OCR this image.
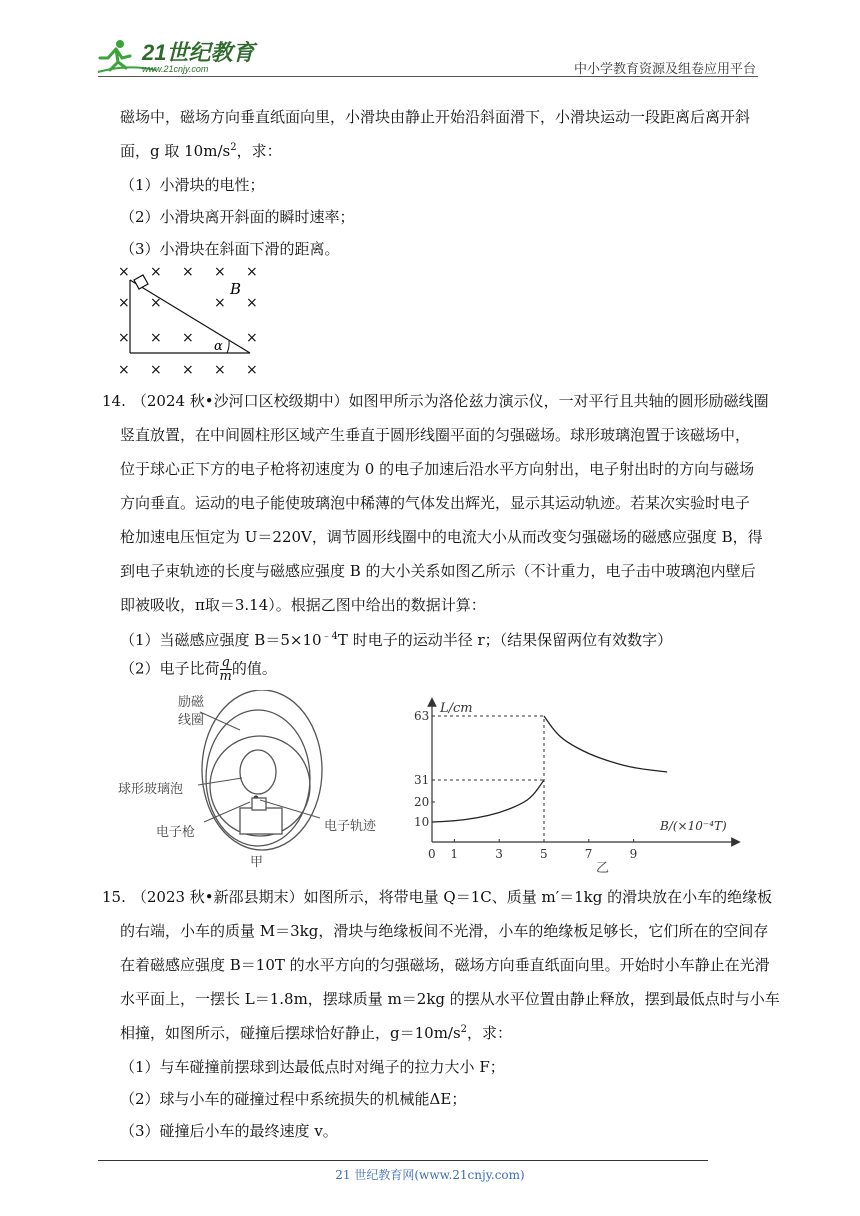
21世纪教育
www.21cnjy.com	中小学教育资源及组卷应用平台
磁场中，磁场方向垂直纸面向里，小滑块由静止开始沿斜面滑下，小滑块运动一段距离后离开斜
面，g 取 $10m/s^2$，求：
（1）小滑块的电性；
（2）小滑块离开斜面的瞬时速率；
（3）小滑块在斜面下滑的距离。
× × × × ×
× ×	× ×
× × ×	×
× × × × ×
α
B
14. （2024 秋•沙河口区校级期中）如图甲所示为洛伦兹力演示仪，一对平行且共轴的圆形励磁线圈
竖直放置，在中间圆柱形区域产生垂直于圆形线圈平面的匀强磁场。球形玻璃泡置于该磁场中，
位于球心正下方的电子枪将初速度为 0 的电子加速后沿水平方向射出，电子射出时的方向与磁场
方向垂直。运动的电子能使玻璃泡中稀薄的气体发出辉光，显示其运动轨迹。若某次实验时电子
枪加速电压恒定为 U＝220V，调节圆形线圈中的电流大小从而改变匀强磁场的磁感应强度 B，得
到电子束轨迹的长度与磁感应强度 B 的大小关系如图乙所示（不计重力，电子击中玻璃泡内壁后
即被吸收，π取＝3.14）。根据乙图中给出的数据计算：
（1）当磁感应强度 $B=5\times 10^{﹣4}T$ 时电子的运动半径 r；（结果保留两位有效数字）
（2）电子比荷 $\frac{q}{m}$ 的值。
励磁
线圈
球形玻璃泡
电子枪	电子轨迹
甲
0 1	3	5	7	9
10
20
31
63 L/cm
B/(×10⁻⁴T)
乙
15. （2023 秋•新邵县期末）如图所示，将带电量 Q＝1C、质量 m′＝1kg 的滑块放在小车的绝缘板
的右端，小车的质量 M＝3kg，滑块与绝缘板间不光滑，小车的绝缘板足够长，它们所在的空间存
在着磁感应强度 B＝10T 的水平方向的匀强磁场，磁场方向垂直纸面向里。开始时小车静止在光滑
水平面上，一摆长 L＝1.8m，摆球质量 m＝2kg 的摆从水平位置由静止释放，摆到最低点时与小车
相撞，如图所示，碰撞后摆球恰好静止，$g=10m/s^2$，求：
（1）与车碰撞前摆球到达最低点时对绳子的拉力大小 F；
（2）球与小车的碰撞过程中系统损失的机械能ΔE；
（3）碰撞后小车的最终速度 v。
21 世纪教育网(www.21cnjy.com)
